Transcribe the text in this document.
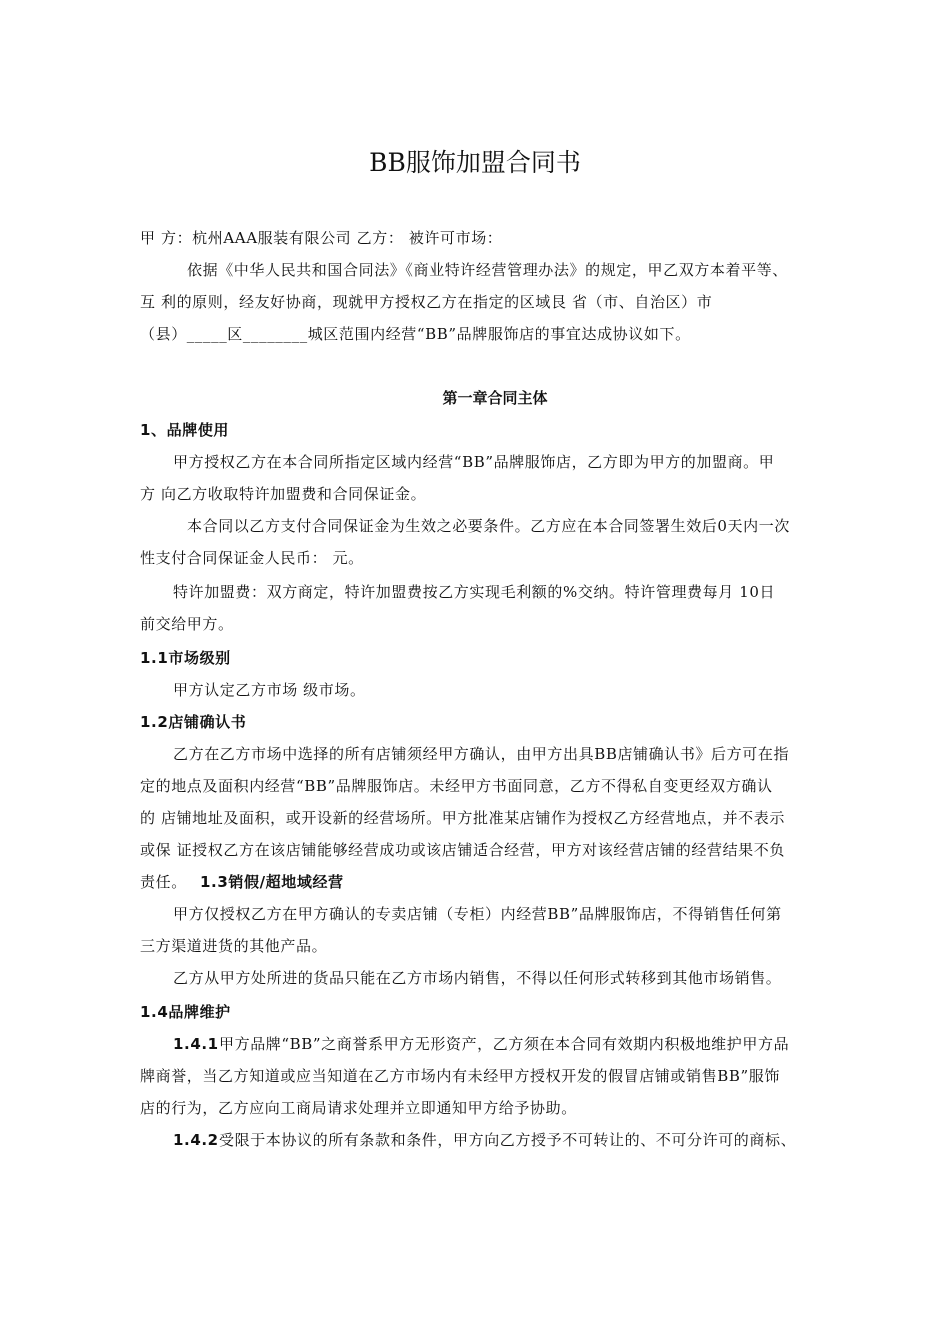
BB服饰加盟合同书
甲 方：杭州AAA服装有限公司 乙方： 被许可市场：
依据《中华人民共和国合同法》《商业特许经营管理办法》的规定，甲乙双方本着平等、
互 利的原则，经友好协商，现就甲方授权乙方在指定的区域艮 省（市、自治区）市
（县）_____区________城区范围内经营“BB”品牌服饰店的事宜达成协议如下。
第一章合同主体
1、品牌使用
甲方授权乙方在本合同所指定区域内经营“BB”品牌服饰店，乙方即为甲方的加盟商。甲
方 向乙方收取特许加盟费和合同保证金。
本合同以乙方支付合同保证金为生效之必要条件。乙方应在本合同签署生效后0天内一次
性支付合同保证金人民币： 元。
特许加盟费：双方商定，特许加盟费按乙方实现毛利额的%交纳。特许管理费每月 10日
前交给甲方。
1.1市场级别
甲方认定乙方市场 级市场。
1.2店铺确认书
乙方在乙方市场中选择的所有店铺须经甲方确认，由甲方出具BB店铺确认书》后方可在指
定的地点及面积内经营“BB”品牌服饰店。未经甲方书面同意，乙方不得私自变更经双方确认
的 店铺地址及面积，或开设新的经营场所。甲方批准某店铺作为授权乙方经营地点，并不表示
或保 证授权乙方在该店铺能够经营成功或该店铺适合经营，甲方对该经营店铺的经营结果不负
责任。 1.3销假/超地域经营
甲方仅授权乙方在甲方确认的专卖店铺（专柜）内经营BB”品牌服饰店，不得销售任何第
三方渠道进货的其他产品。
乙方从甲方处所进的货品只能在乙方市场内销售，不得以任何形式转移到其他市场销售。
1.4品牌维护
1.4.1 甲方品牌“BB”之商誉系甲方无形资产，乙方须在本合同有效期内积极地维护甲方品
牌商誉，当乙方知道或应当知道在乙方市场内有未经甲方授权开发的假冒店铺或销售BB”服饰
店的行为，乙方应向工商局请求处理并立即通知甲方给予协助。
1.4.2 受限于本协议的所有条款和条件，甲方向乙方授予不可转让的、不可分许可的商标、
